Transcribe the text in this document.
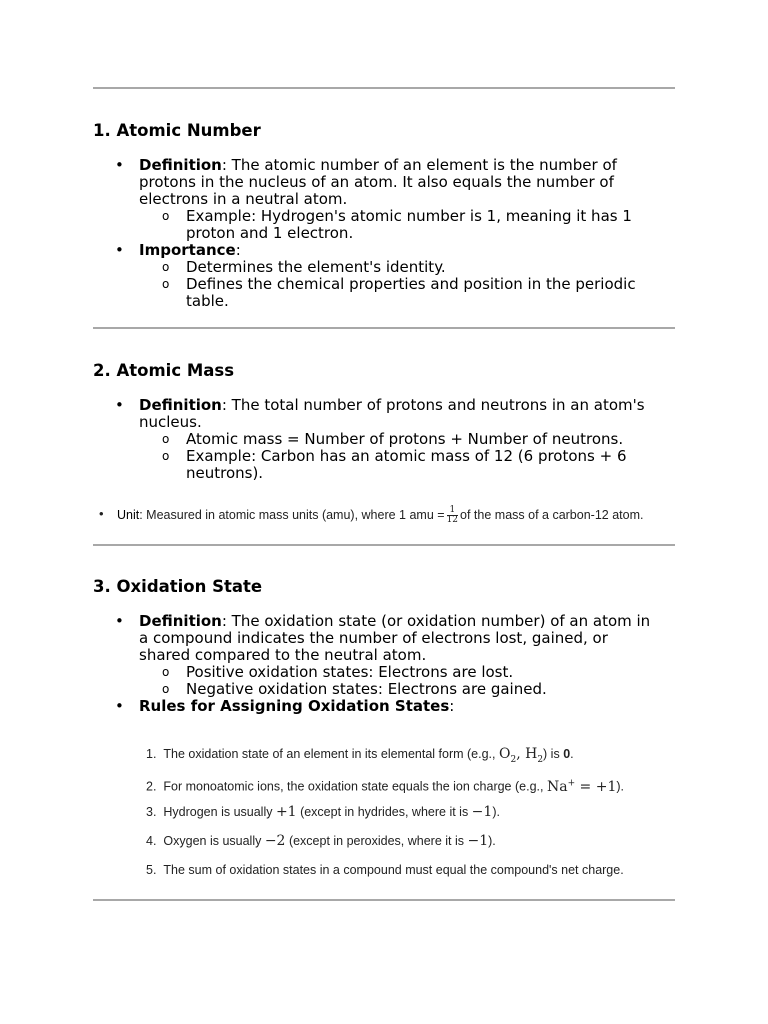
1. Atomic Number
• Definition: The atomic number of an element is the number of
protons in the nucleus of an atom. It also equals the number of
electrons in a neutral atom.
o Example: Hydrogen's atomic number is 1, meaning it has 1
proton and 1 electron.
• Importance:
o Determines the element's identity.
o Defines the chemical properties and position in the periodic
table.
2. Atomic Mass
• Definition: The total number of protons and neutrons in an atom's
nucleus.
o Atomic mass = Number of protons + Number of neutrons.
o Example: Carbon has an atomic mass of 12 (6 protons + 6
neutrons).
• Unit: Measured in atomic mass units (amu), where 1 amu = $\frac{1}{12}$ of the mass of a carbon-12 atom.
3. Oxidation State
• Definition: The oxidation state (or oxidation number) of an atom in
a compound indicates the number of electrons lost, gained, or
shared compared to the neutral atom.
o Positive oxidation states: Electrons are lost.
o Negative oxidation states: Electrons are gained.
• Rules for Assigning Oxidation States:
1. The oxidation state of an element in its elemental form (e.g., $O_2$, $H_2$) is 0.
2. For monoatomic ions, the oxidation state equals the ion charge (e.g., Na+ = +1).
3. Hydrogen is usually +1 (except in hydrides, where it is −1).
4. Oxygen is usually −2 (except in peroxides, where it is −1).
5. The sum of oxidation states in a compound must equal the compound's net charge.
